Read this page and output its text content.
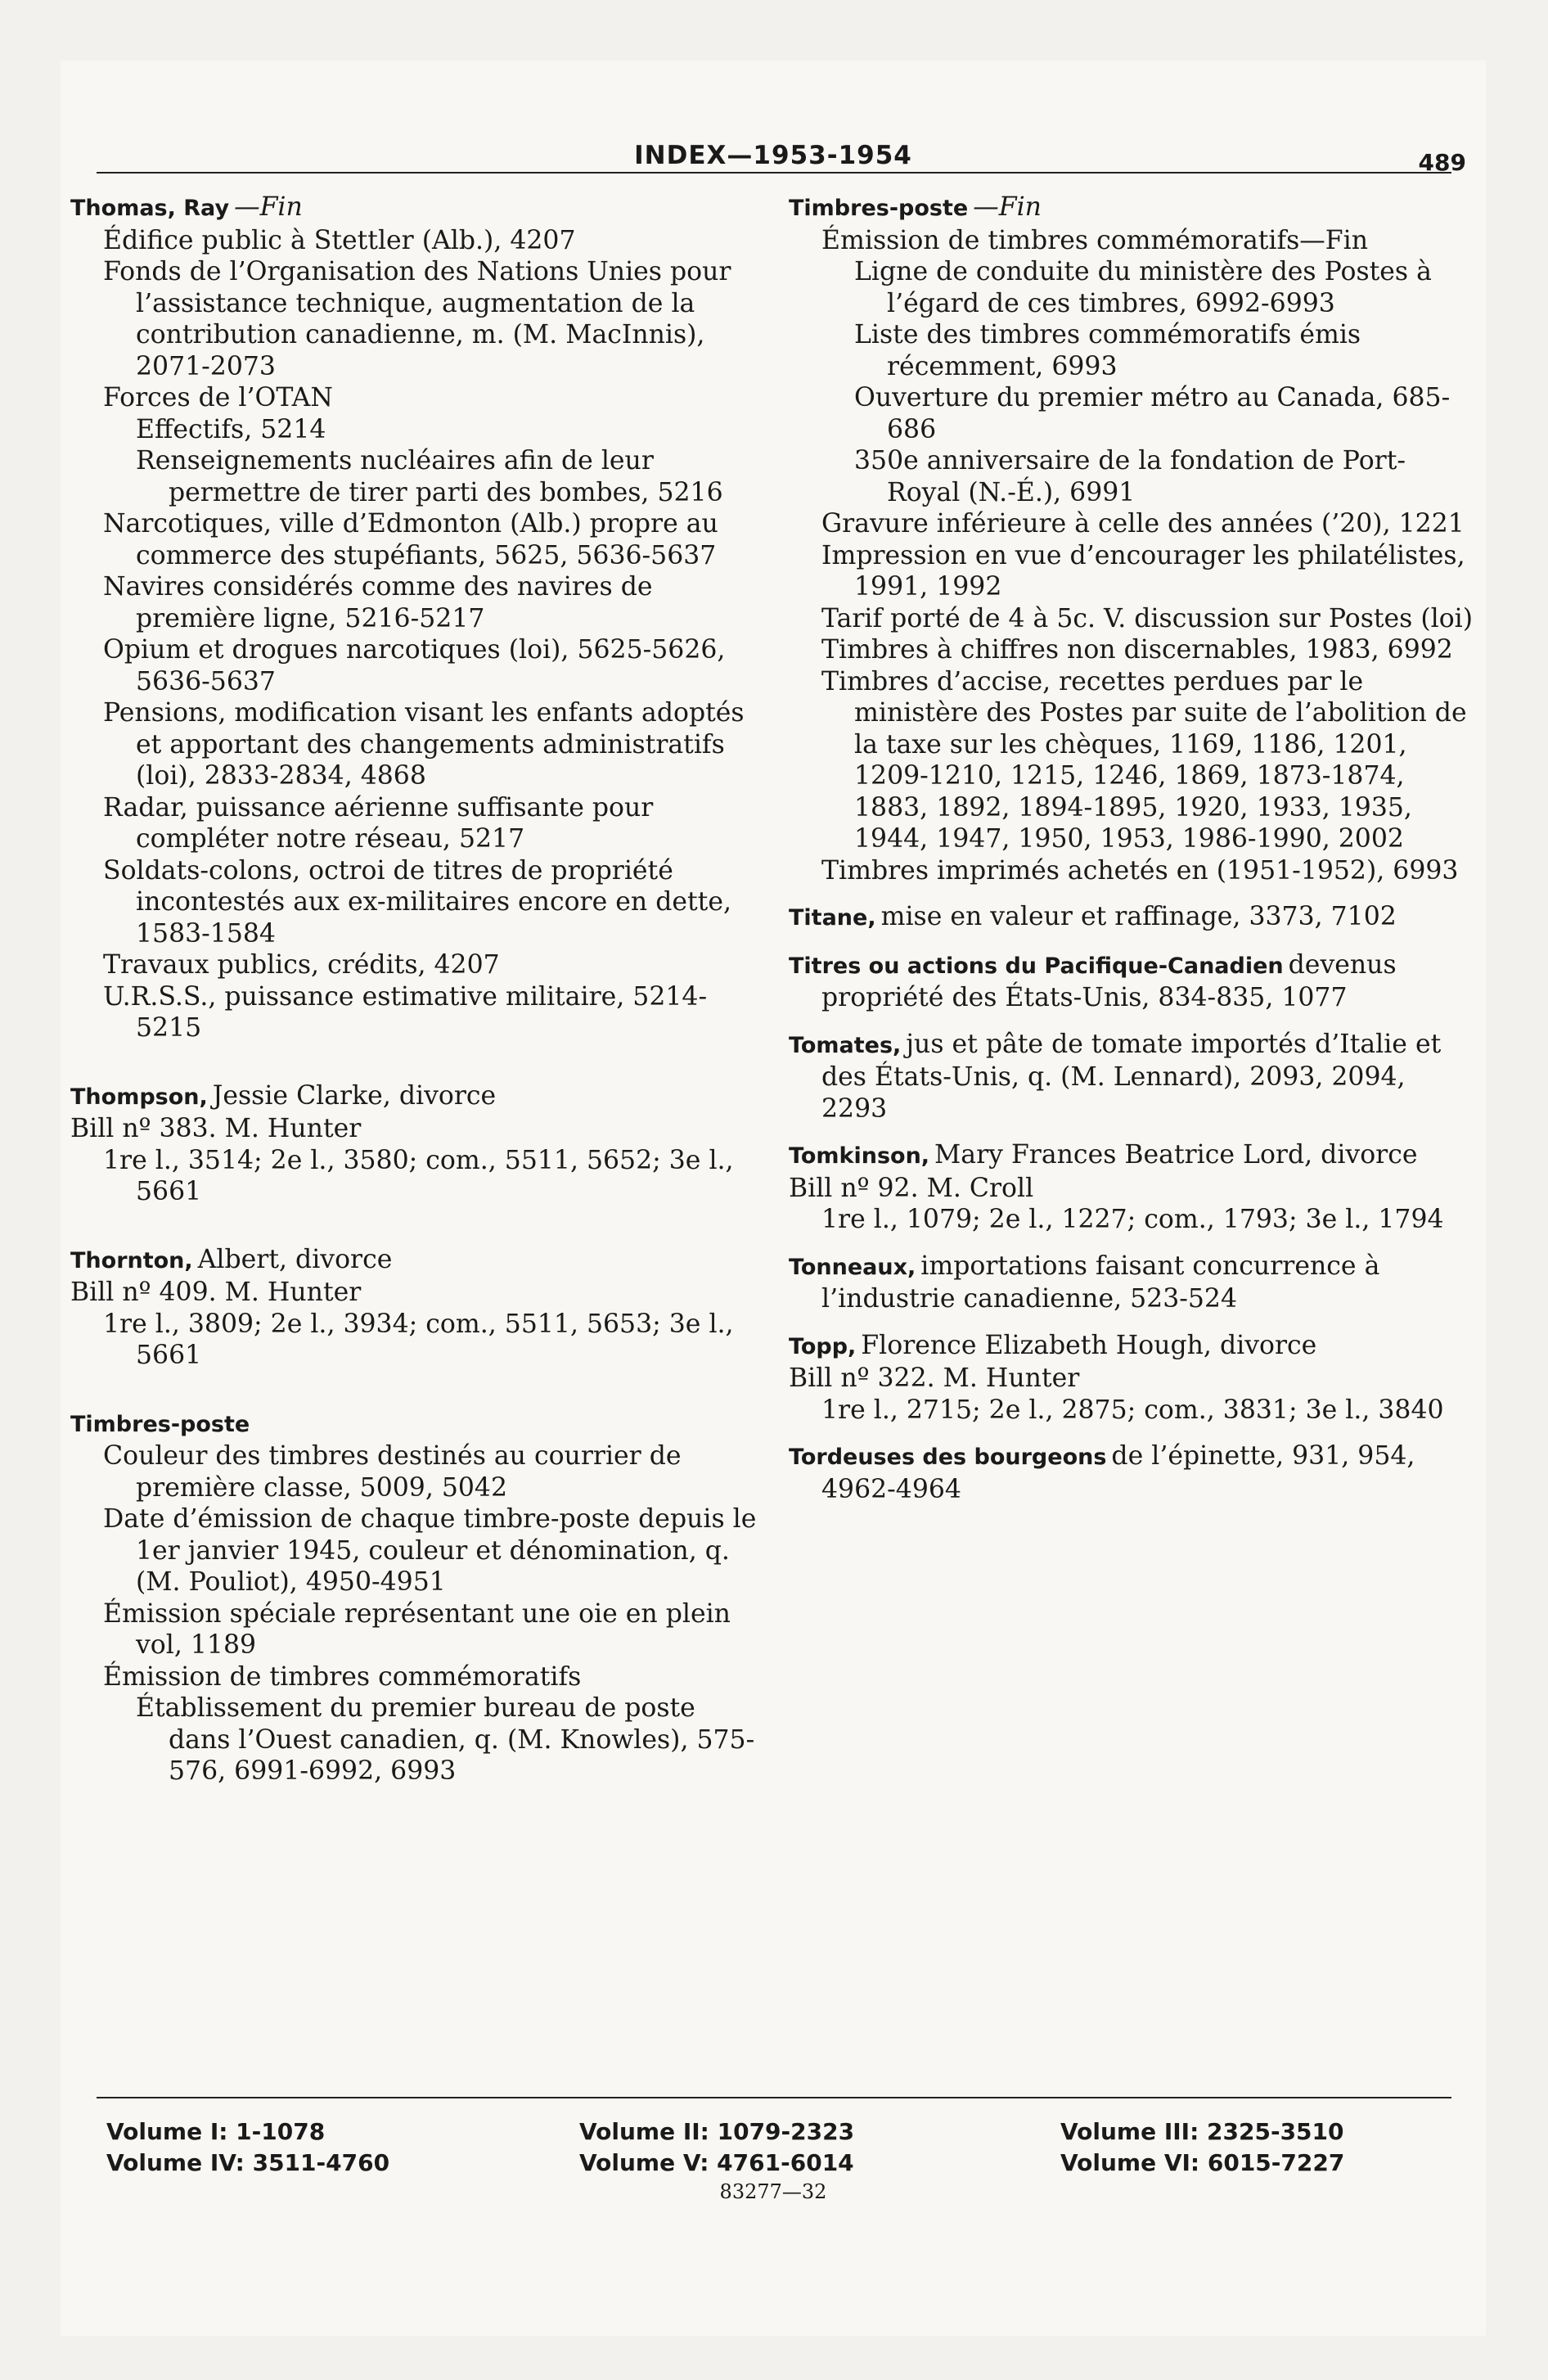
INDEX—1953-1954	489
Thomas, Ray —Fin
Édifice public à Stettler (Alb.), 4207
Fonds de l’Organisation des Nations Unies pour l’assistance technique, augmentation de la contribution canadienne, m. (M. MacInnis), 2071-2073
Forces de l’OTAN
Effectifs, 5214
Renseignements nucléaires afin de leur permettre de tirer parti des bombes, 5216
Narcotiques, ville d’Edmonton (Alb.) propre au commerce des stupéfiants, 5625, 5636-5637
Navires considérés comme des navires de première ligne, 5216-5217
Opium et drogues narcotiques (loi), 5625-5626, 5636-5637
Pensions, modification visant les enfants adoptés et apportant des changements administratifs (loi), 2833-2834, 4868
Radar, puissance aérienne suffisante pour compléter notre réseau, 5217
Soldats-colons, octroi de titres de propriété incontestés aux ex-militaires encore en dette, 1583-1584
Travaux publics, crédits, 4207
U.R.S.S., puissance estimative militaire, 5214-5215
Thompson, Jessie Clarke, divorce
Bill nº 383. M. Hunter
1re l., 3514; 2e l., 3580; com., 5511, 5652; 3e l., 5661
Thornton, Albert, divorce
Bill nº 409. M. Hunter
1re l., 3809; 2e l., 3934; com., 5511, 5653; 3e l., 5661
Timbres-poste
Couleur des timbres destinés au courrier de première classe, 5009, 5042
Date d’émission de chaque timbre-poste depuis le 1er janvier 1945, couleur et dénomination, q. (M. Pouliot), 4950-4951
Émission spéciale représentant une oie en plein vol, 1189
Émission de timbres commémoratifs
Établissement du premier bureau de poste dans l’Ouest canadien, q. (M. Knowles), 575-576, 6991-6992, 6993
Timbres-poste —Fin
Émission de timbres commémoratifs—Fin
Ligne de conduite du ministère des Postes à l’égard de ces timbres, 6992-6993
Liste des timbres commémoratifs émis récemment, 6993
Ouverture du premier métro au Canada, 685-686
350e anniversaire de la fondation de Port-Royal (N.-É.), 6991
Gravure inférieure à celle des années (’20), 1221
Impression en vue d’encourager les philatélistes, 1991, 1992
Tarif porté de 4 à 5c. V. discussion sur Postes (loi)
Timbres à chiffres non discernables, 1983, 6992
Timbres d’accise, recettes perdues par le ministère des Postes par suite de l’abolition de la taxe sur les chèques, 1169, 1186, 1201, 1209-1210, 1215, 1246, 1869, 1873-1874, 1883, 1892, 1894-1895, 1920, 1933, 1935, 1944, 1947, 1950, 1953, 1986-1990, 2002
Timbres imprimés achetés en (1951-1952), 6993
Titane, mise en valeur et raffinage, 3373, 7102
Titres ou actions du Pacifique-Canadien devenus propriété des États-Unis, 834-835, 1077
Tomates, jus et pâte de tomate importés d’Italie et des États-Unis, q. (M. Lennard), 2093, 2094, 2293
Tomkinson, Mary Frances Beatrice Lord, divorce
Bill nº 92. M. Croll
1re l., 1079; 2e l., 1227; com., 1793; 3e l., 1794
Tonneaux, importations faisant concurrence à l’industrie canadienne, 523-524
Topp, Florence Elizabeth Hough, divorce
Bill nº 322. M. Hunter
1re l., 2715; 2e l., 2875; com., 3831; 3e l., 3840
Tordeuses des bourgeons de l’épinette, 931, 954, 4962-4964
Volume I: 1-1078
Volume IV: 3511-4760
Volume II: 1079-2323
Volume V: 4761-6014
Volume III: 2325-3510
Volume VI: 6015-7227
83277—32
